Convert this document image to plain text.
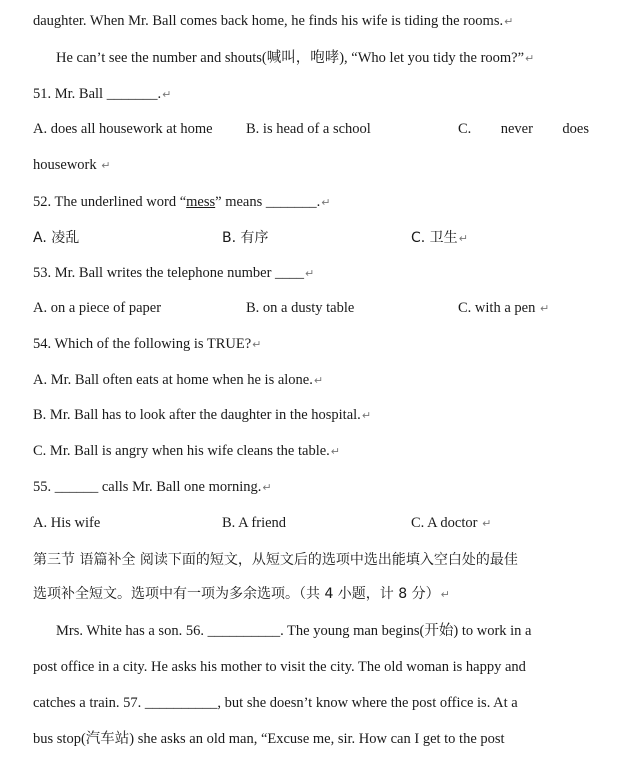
daughter. When Mr. Ball comes back home, he finds his wife is tiding the rooms.↵
He can’t see the number and shouts(喊叫，咆哮), “Who let you tidy the room?”↵
51. Mr. Ball _______.↵
A. does all housework at home B. is head of a school	C. never does
housework ↵
52. The underlined word “mess” means _______.↵
A. 凌乱	B. 有序	C. 卫生↵
53. Mr. Ball writes the telephone number ____↵
A. on a piece of paper	B. on a dusty table	C. with a pen ↵
54. Which of the following is TRUE?↵
A. Mr. Ball often eats at home when he is alone.↵
B. Mr. Ball has to look after the daughter in the hospital.↵
C. Mr. Ball is angry when his wife cleans the table.↵
55. ______ calls Mr. Ball one morning.↵
A. His wife	B. A friend	C. A doctor ↵
第三节 语篇补全 阅读下面的短文，从短文后的选项中选出能填入空白处的最佳
选项补全短文。选项中有一项为多余选项。（共 4 小题，计 8 分）↵
Mrs. White has a son. 56. __________. The young man begins(开始) to work in a
post office in a city. He asks his mother to visit the city. The old woman is happy and
catches a train. 57. __________, but she doesn’t know where the post office is. At a
bus stop(汽车站) she asks an old man, “Excuse me, sir. How can I get to the post
